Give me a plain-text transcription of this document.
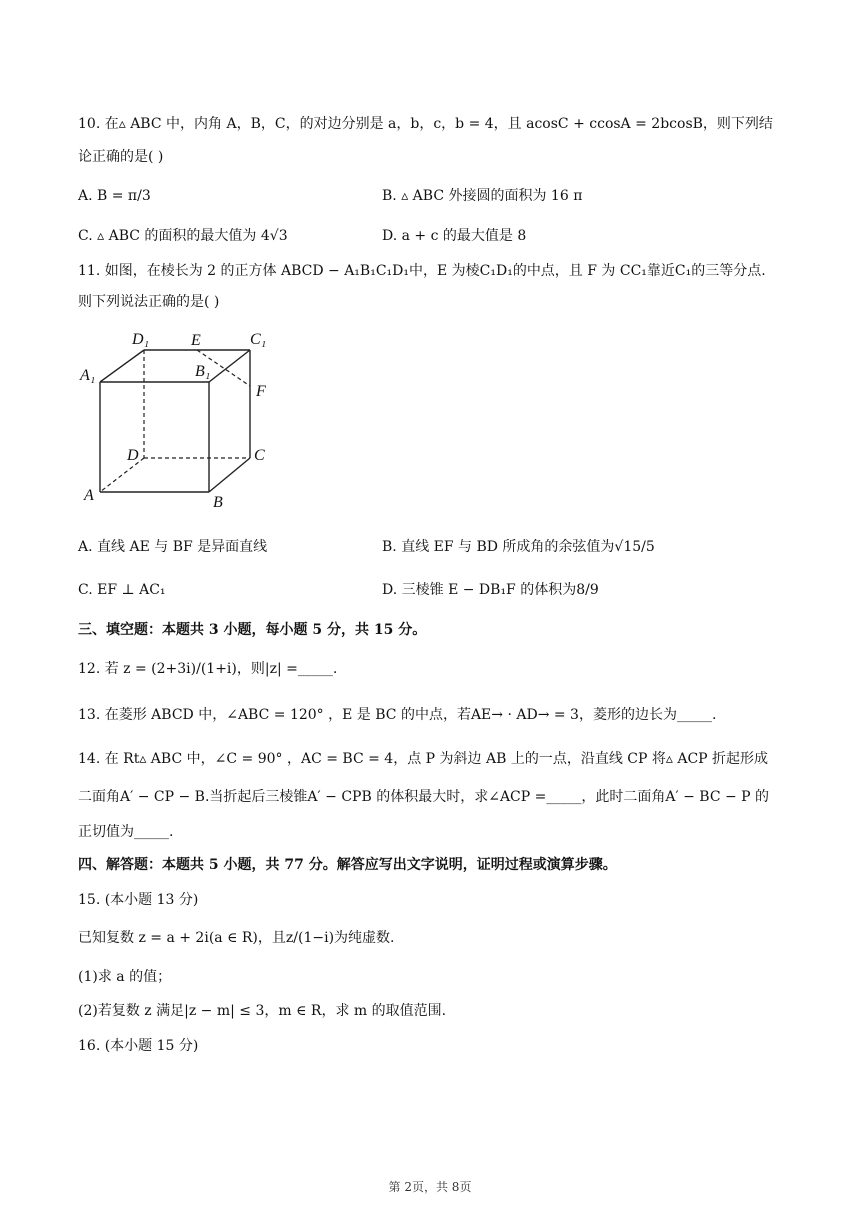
10. 在▵ ABC 中，内角 A，B，C，的对边分别是 a，b，c，b = 4，且 acosC + ccosA = 2bcosB，则下列结
论正确的是( )
A. B = π/3	B. ▵ ABC 外接圆的面积为 16 π
C. ▵ ABC 的面积的最大值为 4√3	D. a + c 的最大值是 8
11. 如图，在棱长为 2 的正方体 ABCD − A₁B₁C₁D₁中，E 为棱C₁D₁的中点，且 F 为 CC₁靠近C₁的三等分点.
则下列说法正确的是( )
D₁	E	C₁
A₁	B₁
F
D	C
A	B
A. 直线 AE 与 BF 是异面直线	B. 直线 EF 与 BD 所成角的余弦值为√15/5
C. EF ⊥ AC₁	D. 三棱锥 E − DB₁F 的体积为8/9
三、填空题：本题共 3 小题，每小题 5 分，共 15 分。
12. 若 z = (2+3i)/(1+i)，则|z| =_____.
13. 在菱形 ABCD 中，∠ABC = 120° ，E 是 BC 的中点，若AE→ · AD→ = 3，菱形的边长为_____.
14. 在 Rt▵ ABC 中，∠C = 90° ，AC = BC = 4，点 P 为斜边 AB 上的一点，沿直线 CP 将▵ ACP 折起形成
二面角A′ − CP − B.当折起后三棱锥A′ − CPB 的体积最大时，求∠ACP =_____，此时二面角A′ − BC − P 的
正切值为_____.
四、解答题：本题共 5 小题，共 77 分。解答应写出文字说明，证明过程或演算步骤。
15. (本小题 13 分)
已知复数 z = a + 2i(a ∈ R)，且z/(1−i)为纯虚数.
(1)求 a 的值；
(2)若复数 z 满足|z − m| ≤ 3，m ∈ R，求 m 的取值范围.
16. (本小题 15 分)
第 2页，共 8页
